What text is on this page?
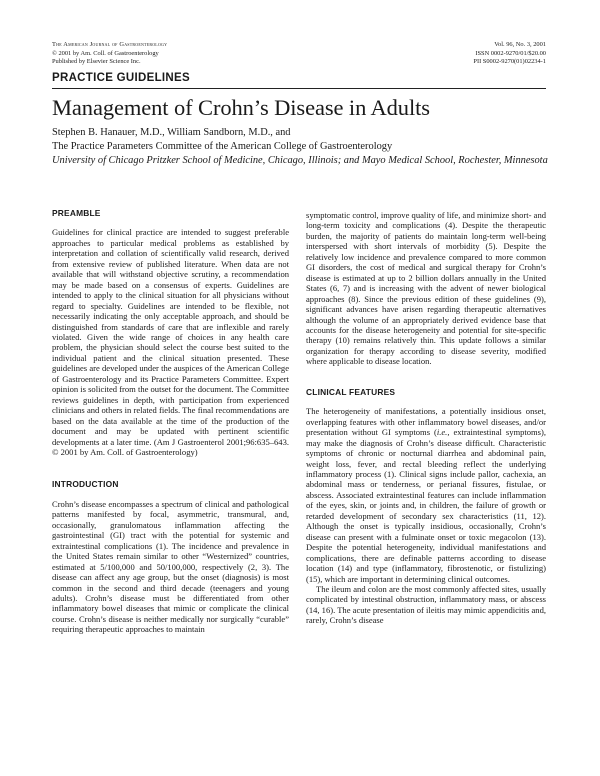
The American Journal of Gastroenterology
© 2001 by Am. Coll. of Gastroenterology
Published by Elsevier Science Inc.
Vol. 96, No. 3, 2001
ISSN 0002-9270/01/$20.00
PII S0002-9270(01)02234-1
PRACTICE GUIDELINES
Management of Crohn’s Disease in Adults
Stephen B. Hanauer, M.D., William Sandborn, M.D., and
The Practice Parameters Committee of the American College of Gastroenterology
University of Chicago Pritzker School of Medicine, Chicago, Illinois; and Mayo Medical School, Rochester, Minnesota
PREAMBLE

Guidelines for clinical practice are intended to suggest preferable approaches to particular medical problems as established by interpretation and collation of scientifically valid research, derived from extensive review of published literature. When data are not available that will withstand objective scrutiny, a recommendation may be made based on a consensus of experts. Guidelines are intended to apply to the clinical situation for all physicians without regard to specialty. Guidelines are intended to be flexible, not necessarily indicating the only acceptable approach, and should be distinguished from standards of care that are inflexible and rarely violated. Given the wide range of choices in any health care problem, the physician should select the course best suited to the individual patient and the clinical situation presented. These guidelines are developed under the auspices of the American College of Gastroenterology and its Practice Parameters Committee. Expert opinion is solicited from the outset for the document. The Committee reviews guidelines in depth, with participation from experienced clinicians and others in related fields. The final recommendations are based on the data available at the time of the production of the document and may be updated with pertinent scientific developments at a later time. (Am J Gastroenterol 2001;96:635–643. © 2001 by Am. Coll. of Gastroenterology)

INTRODUCTION

Crohn’s disease encompasses a spectrum of clinical and pathological patterns manifested by focal, asymmetric, transmural, and, occasionally, granulomatous inflammation affecting the gastrointestinal (GI) tract with the potential for systemic and extraintestinal complications (1). The incidence and prevalence in the United States remain similar to other “Westernized” countries, estimated at 5/100,000 and 50/100,000, respectively (2, 3). The disease can affect any age group, but the onset (diagnosis) is most common in the second and third decade (teenagers and young adults). Crohn’s disease must be differentiated from other inflammatory bowel diseases that mimic or complicate the clinical course. Crohn’s disease is neither medically nor surgically “curable” requiring therapeutic approaches to maintain

symptomatic control, improve quality of life, and minimize short- and long-term toxicity and complications (4). Despite the therapeutic burden, the majority of patients do maintain long-term well-being interspersed with short intervals of morbidity (5). Despite the relatively low incidence and prevalence compared to more common GI disorders, the cost of medical and surgical therapy for Crohn’s disease is estimated at up to 2 billion dollars annually in the United States (6, 7) and is increasing with the advent of newer biological approaches (8). Since the previous edition of these guidelines (9), significant advances have arisen regarding therapeutic alternatives although the volume of an appropriately derived evidence base that accounts for the disease heterogeneity and potential for site-specific therapy (10) remains relatively thin. This update follows a similar organization for therapy according to disease severity, modified where applicable to disease location.

CLINICAL FEATURES

The heterogeneity of manifestations, a potentially insidious onset, overlapping features with other inflammatory bowel diseases, and/or presentation without GI symptoms (i.e., extraintestinal symptoms), may make the diagnosis of Crohn’s disease difficult. Characteristic symptoms of chronic or nocturnal diarrhea and abdominal pain, weight loss, fever, and rectal bleeding reflect the underlying inflammatory process (1). Clinical signs include pallor, cachexia, an abdominal mass or tenderness, or perianal fissures, fistulae, or abscess. Associated extraintestinal features can include inflammation of the eyes, skin, or joints and, in children, the failure of growth or retarded development of secondary sex characteristics (11, 12). Although the onset is typically insidious, occasionally, Crohn’s disease can present with a fulminate onset or toxic megacolon (13). Despite the potential heterogeneity, individual manifestations and complications, there are definable patterns according to disease location (14) and type (inflammatory, fibrostenotic, or fistulizing) (15), which are important in determining clinical outcomes.

The ileum and colon are the most commonly affected sites, usually complicated by intestinal obstruction, inflammatory mass, or abscess (14, 16). The acute presentation of ileitis may mimic appendicitis and, rarely, Crohn’s disease
